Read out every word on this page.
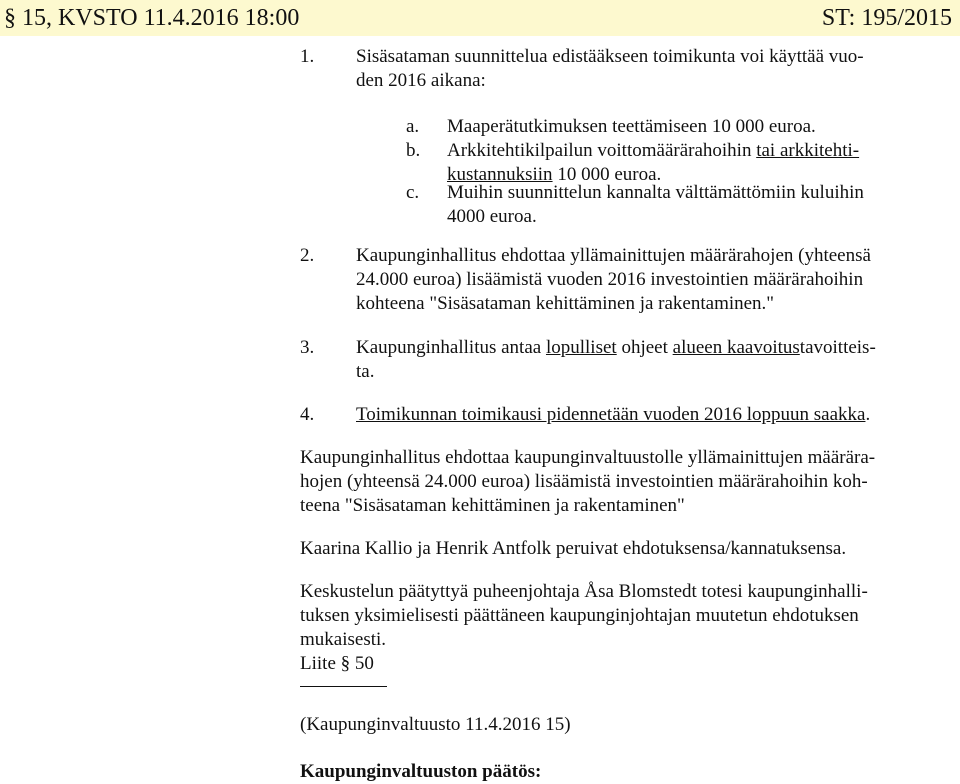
§ 15, KVSTO 11.4.2016 18:00	ST: 195/2015
1. Sisäsataman suunnittelua edistääkseen toimikunta voi käyttää vuo-
den 2016 aikana:
a. Maaperätutkimuksen teettämiseen 10 000 euroa.
b. Arkkitehtikilpailun voittomäärärahoihin tai arkkitehti-
kustannuksiin 10 000 euroa.
c. Muihin suunnittelun kannalta välttämättömiin kuluihin
4000 euroa.
2. Kaupunginhallitus ehdottaa yllämainittujen määrärahojen (yhteensä
24.000 euroa) lisäämistä vuoden 2016 investointien määrärahoihin
kohteena "Sisäsataman kehittäminen ja rakentaminen."
3. Kaupunginhallitus antaa lopulliset ohjeet alueen kaavoitustavoitteis-
ta.
4. Toimikunnan toimikausi pidennetään vuoden 2016 loppuun saakka.
Kaupunginhallitus ehdottaa kaupunginvaltuustolle yllämainittujen määrära-
hojen (yhteensä 24.000 euroa) lisäämistä investointien määrärahoihin koh-
teena "Sisäsataman kehittäminen ja rakentaminen"
Kaarina Kallio ja Henrik Antfolk peruivat ehdotuksensa/kannatuksensa.
Keskustelun päätyttyä puheenjohtaja Åsa Blomstedt totesi kaupunginhalli-
tuksen yksimielisesti päättäneen kaupunginjohtajan muutetun ehdotuksen
mukaisesti.
Liite § 50
(Kaupunginvaltuusto 11.4.2016 15)
Kaupunginvaltuuston päätös:
